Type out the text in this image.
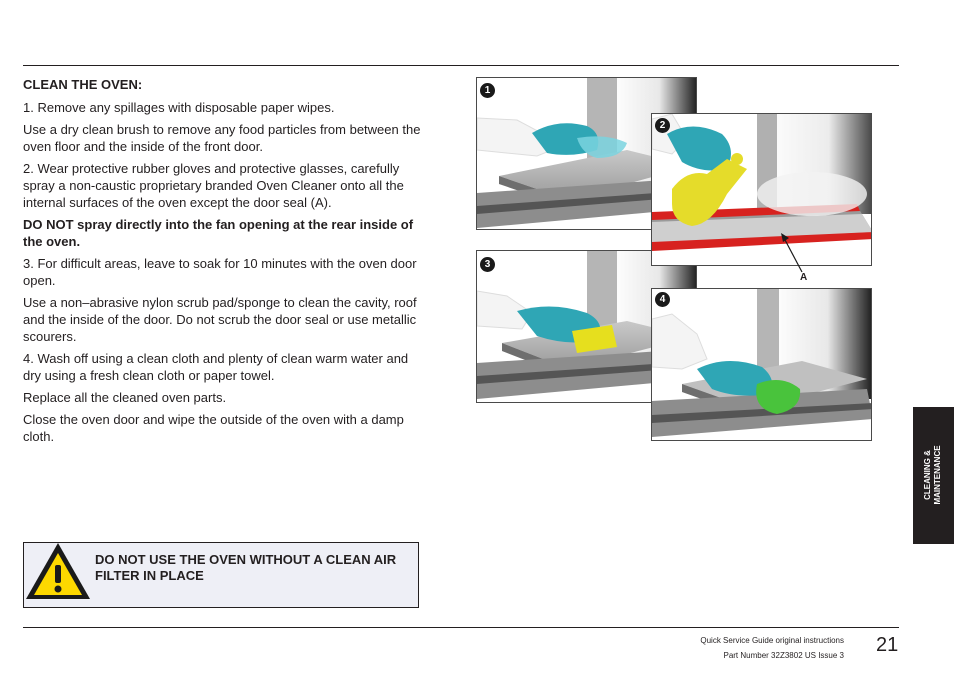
CLEAN THE OVEN:

1. Remove any spillages with disposable paper wipes.

Use a dry clean brush to remove any food particles from between the oven floor and the inside of the front door.

2. Wear protective rubber gloves and protective glasses, carefully spray a non-caustic proprietary branded Oven Cleaner onto all the internal surfaces of the oven except the door seal (A).

DO NOT spray directly into the fan opening at the rear inside of the oven.

3. For difficult areas, leave to soak for 10 minutes with the oven door open.

Use a non–abrasive nylon scrub pad/sponge to clean the cavity, roof and the inside of the door. Do not scrub the door seal or use metallic scourers.

4. Wash off using a clean cloth and plenty of clean warm water and dry using a fresh clean cloth or paper towel.

Replace all the cleaned oven parts.

Close the oven door and wipe the outside of the oven with a damp cloth.

1
2
A
3
4
DO NOT USE THE OVEN WITHOUT A CLEAN AIR FILTER IN PLACE
CLEANING & MAINTENANCE
Quick Service Guide original instructions
Part Number 32Z3802 US Issue 3 21
